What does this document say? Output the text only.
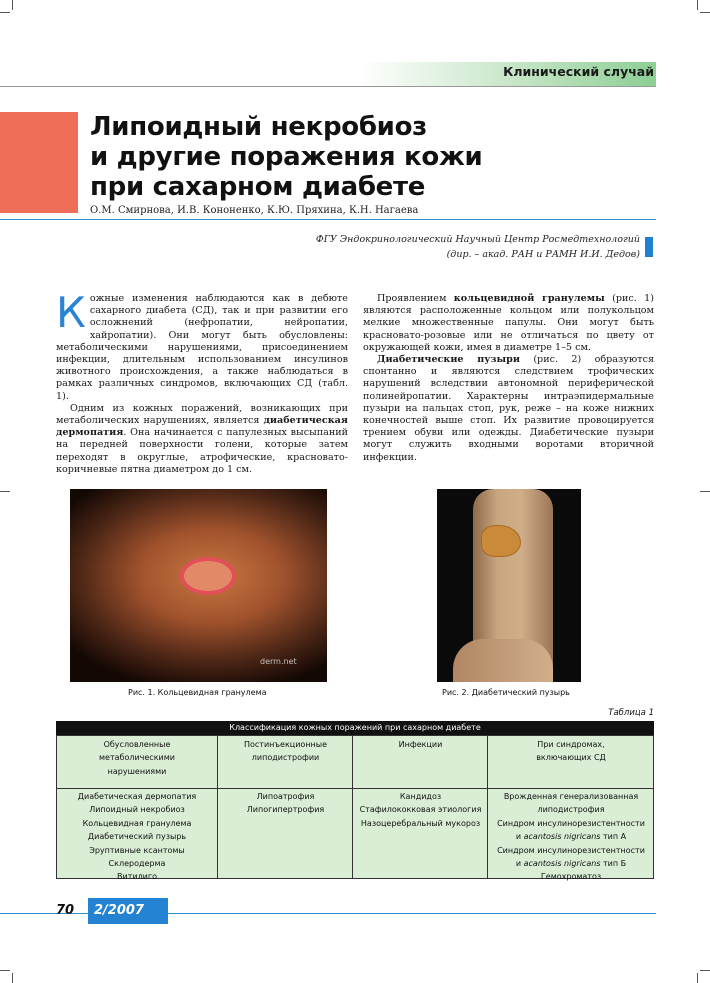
Клинический случай
Липоидный некробиоз
и другие поражения кожи
при сахарном диабете
О.М. Смирнова, И.В. Кононенко, К.Ю. Пряхина, К.Н. Нагаева
ФГУ Эндокринологический Научный Центр Росмедтехнологий
(дир. – акад. РАН и РАМН И.И. Дедов)

Кожные изменения наблюдаются как в дебюте сахарного диабета (СД), так и при развитии его осложнений (нефропатии, нейропатии, хайропатии). Они могут быть обусловлены: метаболическими нарушениями, присоединением инфекции, длительным использованием инсулинов животного происхождения, а также наблюдаться в рамках различных синдромов, включающих СД (табл. 1).

Одним из кожных поражений, возникающих при метаболических нарушениях, является диабетическая дермопатия. Она начинается с папулезных высыпаний на передней поверхности голени, которые затем переходят в округлые, атрофические, красновато-коричневые пятна диаметром до 1 см.

Проявлением кольцевидной гранулемы (рис. 1) являются расположенные кольцом или полукольцом мелкие множественные папулы. Они могут быть красновато-розовые или не отличаться по цвету от окружающей кожи, имея в диаметре 1–5 см.

Диабетические пузыри (рис. 2) образуются спонтанно и являются следствием трофических нарушений вследствии автономной периферической полинейропатии. Характерны интраэпидермальные пузыри на пальцах стоп, рук, реже – на коже нижних конечностей выше стоп. Их развитие провоцируется трением обуви или одежды. Диабетические пузыри могут служить входными воротами вторичной инфекции.

derm.net
Рис. 1. Кольцевидная гранулема	Рис. 2. Диабетический пузырь
Таблица 1
Классификация кожных поражений при сахарном диабете
Обусловленные
метаболическими
нарушениями
Диабетическая дермопатия
Липоидный некробиоз
Кольцевидная гранулема
Диабетический пузырь
Эруптивные ксантомы
Склеродерма
Витилиго
Постинъекционные
липодистрофии
Липоатрофия
Липогипертрофия
Инфекции
Кандидоз
Стафилококковая этиология
Назоцеребральный мукороз
При синдромах,
включающих СД
Врожденная генерализованная
липодистрофия
Синдром инсулинорезистентности
и acantosis nigricans тип А
Синдром инсулинорезистентности
и acantosis nigricans тип Б
Гемохроматоз
70 2/2007
